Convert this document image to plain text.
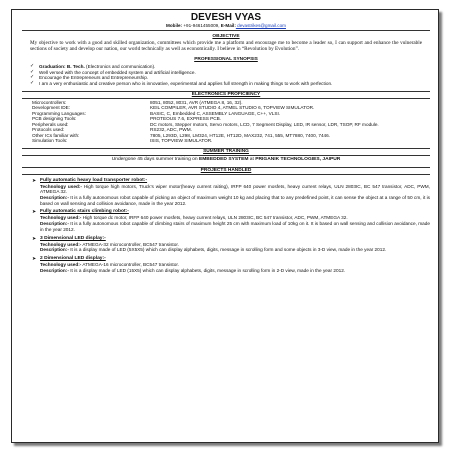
DEVESH VYAS
Mobile: +91-9461455009, E-Mail: devastrikes@gmail.com
OBJECTIVE
My objective to work with a good and skilled organization, committees which provide me a platform and encourage me to become a leader so, I can support and enhance the vulnerable sections of society and develop our nation, our world technically as well as economically. I believe in “Revolution by Evolution”.
PROFESSIONAL SYNOPSIS
✓ Graduation: B. Tech. (Electronics and communication).
✓ Well versed with the concept of embedded system and artificial intelligence.
✓ Encourage the Entrepreneurs and Entrepreneurship.
✓ I am a very enthusiastic and creative person who is innovative, experimental and applies full strength in making things to work with perfection.
ELECTRONICS PROFICIENCY
Microcontrollers:	8051, 8052, 8031, AVR (ATMEGA 8, 16, 32).
Development IDE:	KEIL COMPILER, AVR STUDIO 4, ATMEL STUDIO 6, TOPVIEW SIMULATOR.
Programming Languages:	BASIC, C, Embedded C, ASSEMBLY LANGUAGE, C++, VLSI.
PCB designing Tools:	PROTEOUS 7.6, EXPRESS PCB.
Peripherals used:	DC motors, Stepper motors, Servo motors, LCD, 7 Segment Display, LED, IR sensor, LDR, TSOP, RF module.
Protocols used:	RS232, ADC, PWM.
Other ICs familiar with:	7805, L293D, L298, LM324, HT12E, HT12D, MAX232, 741, 555, MT7880, 7400, 7446.
Simulation Tools:	ISIS, TOPVIEW SIMULATOR.
SUMMER TRAINING
Undergone 45 days summer training on EMBEDDED SYSTEM at PRIGANIK TECHNOLOGIES, JAIPUR
PROJECTS HANDLED
➤ Fully automatic heavy load transporter robot:-
Technology used:- High torque high motors, Truck’s wiper motor(heavy current raiting), IRFP 640 power mosfets, heavy current relays, ULN 2803IC, BC 547 transistor, ADC, PWM, ATMEGA 32.
Description:- It is a fully autonomous robot capable of picking an object of maximum weight 10 kg and placing that to any predefined point, it can sense the object at a range of 50 cm, it is based on wall sensing and collision avoidance, made in the year 2012.
➤ Fully automatic stairs climbing robot:-
Technology used:- High torque dc motor, IRFP 640 power mosfets, heavy current relays, ULN 2803IC, BC 547 transistor, ADC, PWM, ATMEGA 32.
Description:- It is a fully autonomous robot capable of climbing stairs of maximum height 25 cm with maximum load of 10kg on it. It is based on wall sensing and collision avoidance, made in the year 2012.
➤ 3 Dimensional LED display:-
Technology used:- ATMEGA-32 microcontroller, BC547 transistor.
Description:- It is a display made of LED (5X5X5) which can display alphabets, digits, message in scrolling form and some objects in 3-D view, made in the year 2012.
➤ 2 Dimensional LED display:-
Technology used:- ATMEGA-16 microcontroller, BC547 transistor.
Description:- It is a display made of LED (15X5) which can display alphabets, digits, message in scrolling form in 2-D view, made in the year 2012.
